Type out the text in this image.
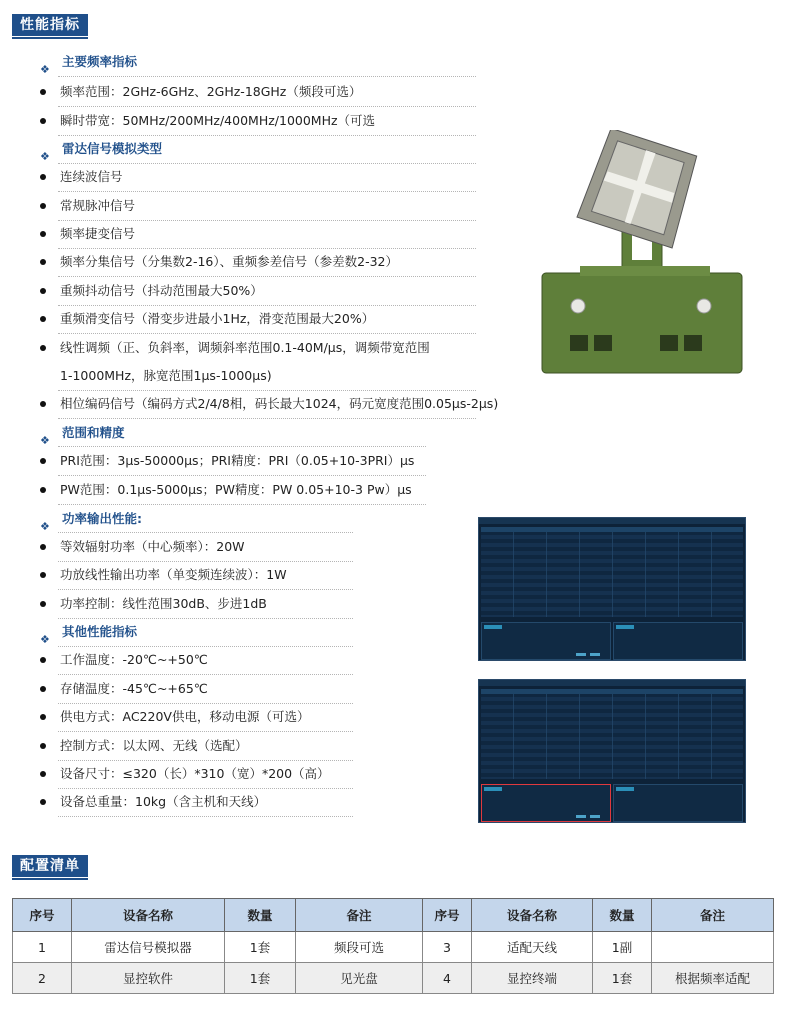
性能指标
❖
主要频率指标
频率范围：2GHz-6GHz、2GHz-18GHz（频段可选）
瞬时带宽：50MHz/200MHz/400MHz/1000MHz（可选
❖
雷达信号模拟类型
连续波信号
常规脉冲信号
频率捷变信号
频率分集信号（分集数2-16）、重频参差信号（参差数2-32）
重频抖动信号（抖动范围最大50%）
重频滑变信号（滑变步进最小1Hz，滑变范围最大20%）
线性调频（正、负斜率，调频斜率范围0.1-40M/µs，调频带宽范围
1-1000MHz，脉宽范围1µs-1000µs)
相位编码信号（编码方式2/4/8相，码长最大1024，码元宽度范围0.05µs-2µs)
❖
范围和精度
PRI范围：3µs-50000µs；PRI精度：PRI（0.05+10-3PRI）µs
PW范围：0.1µs-5000µs；PW精度：PW 0.05+10-3 Pw）µs
❖
功率输出性能:
等效辐射功率（中心频率）：20W
功放线性输出功率（单变频连续波）：1W
功率控制：线性范围30dB、步进1dB
❖
其他性能指标
工作温度：-20℃~+50℃
存储温度：-45℃~+65℃
供电方式：AC220V供电，移动电源（可选）
控制方式：以太网、无线（选配）
设备尺寸：≤320（长）*310（宽）*200（高）
设备总重量：10kg（含主机和天线）
配置清单
序号	设备名称	数量	备注	序号	设备名称	数量	备注
1	雷达信号模拟器	1套	频段可选	3	适配天线	1副	
2	显控软件	1套	见光盘	4	显控终端	1套	根据频率适配
